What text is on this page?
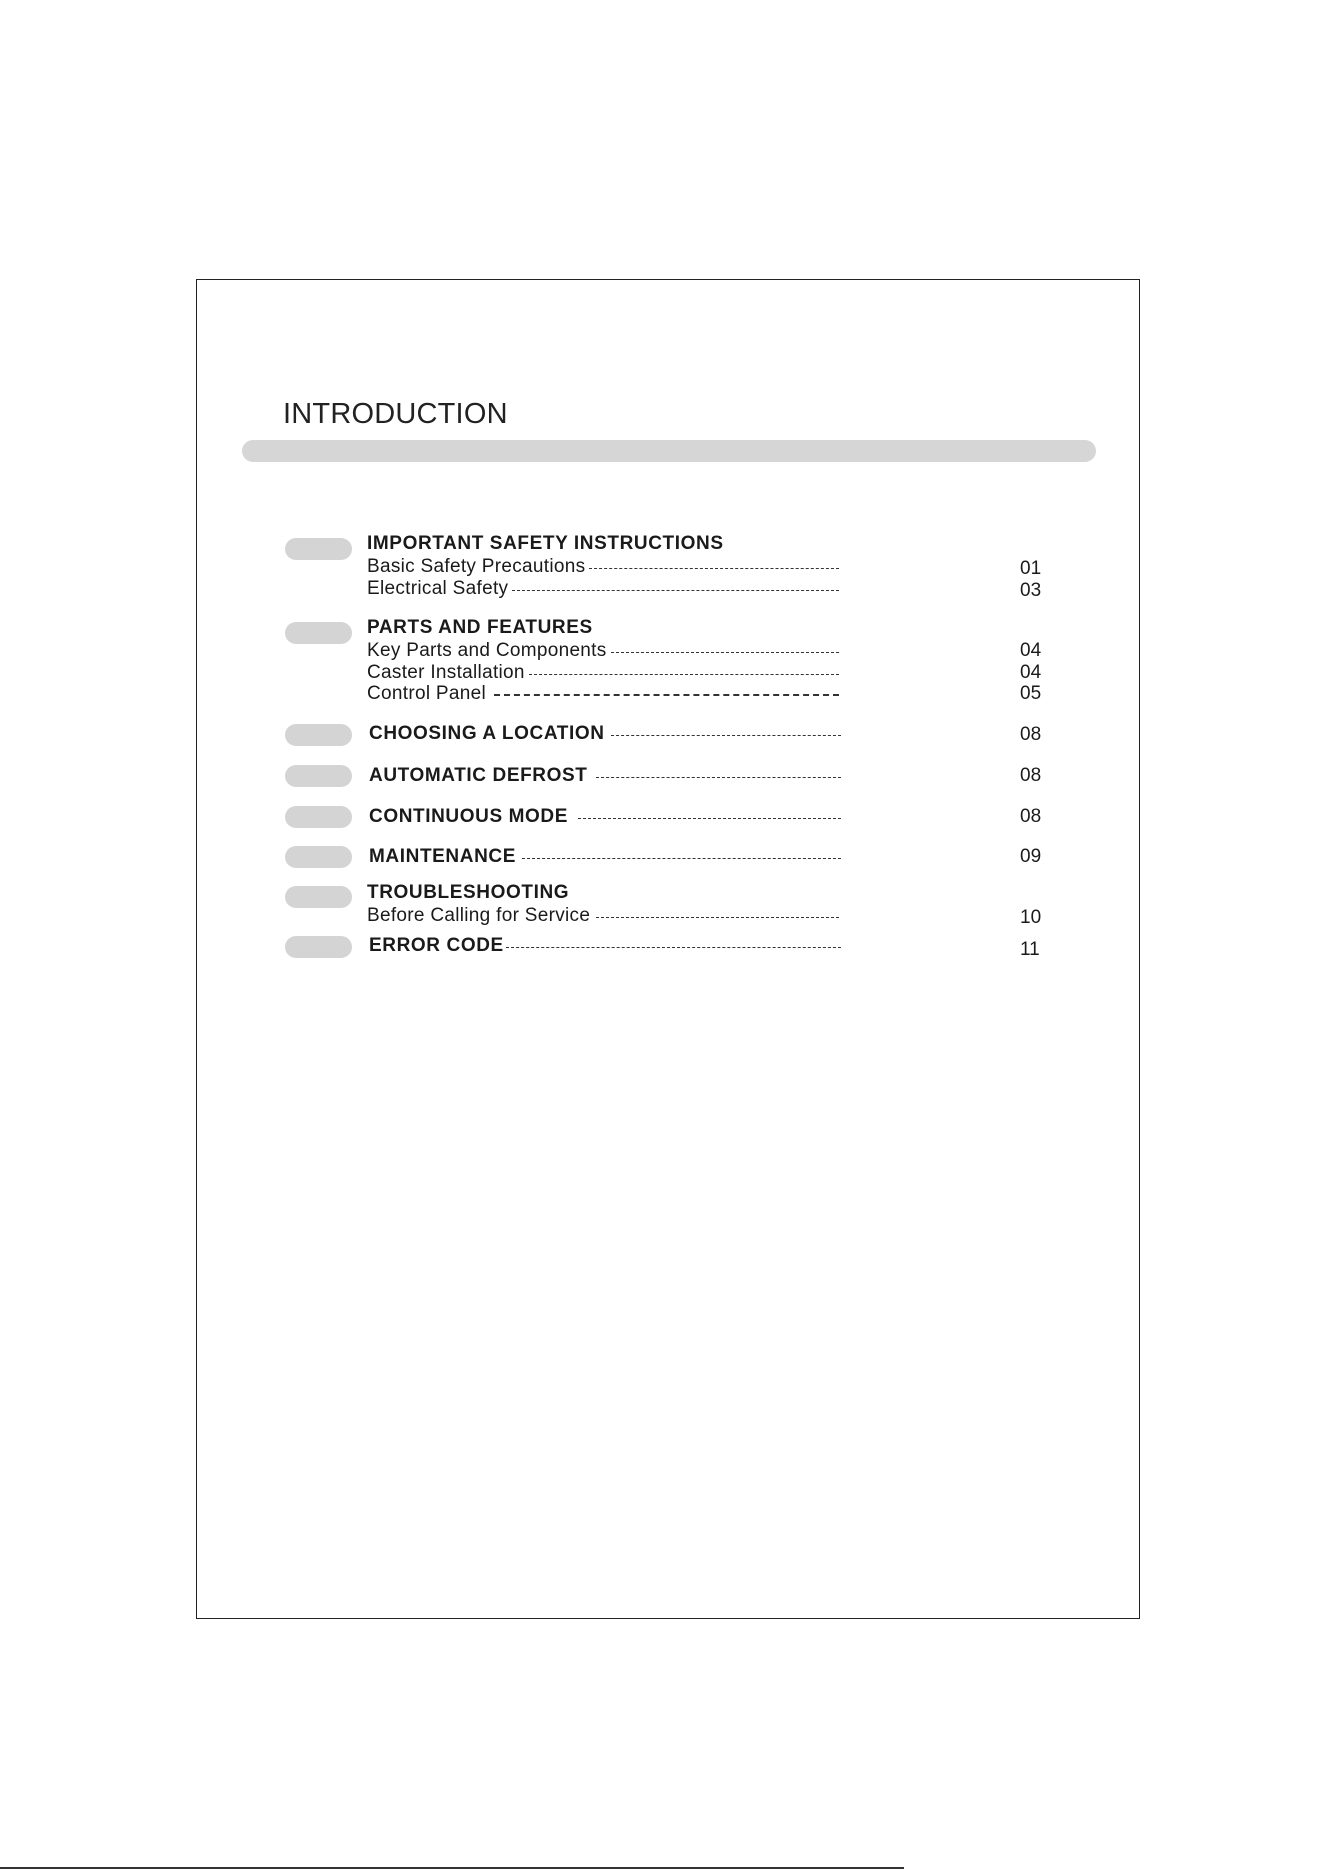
INTRODUCTION
IMPORTANT SAFETY INSTRUCTIONS
Basic Safety Precautions	01
Electrical Safety	03
PARTS AND FEATURES
Key Parts and Components	04
Caster Installation	04
Control Panel	05
CHOOSING A LOCATION	08
AUTOMATIC DEFROST	08
CONTINUOUS MODE	08
MAINTENANCE	09
TROUBLESHOOTING
Before Calling for Service	10
ERROR CODE	11
